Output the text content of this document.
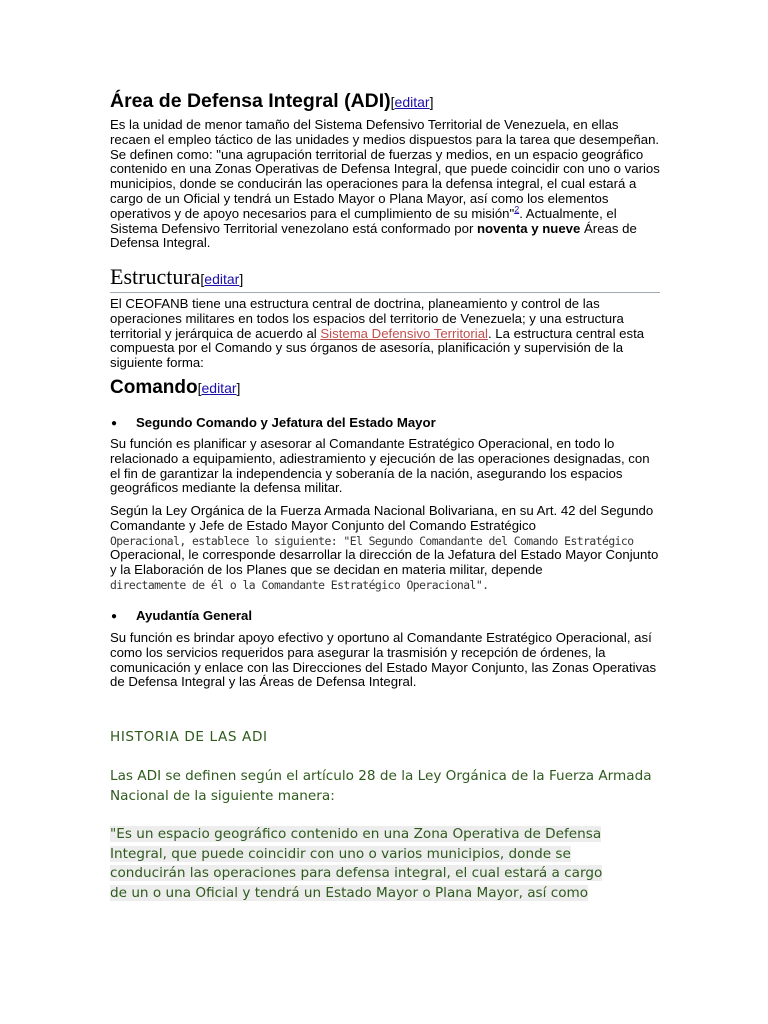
Área de Defensa Integral (ADI)[editar]

Es la unidad de menor tamaño del Sistema Defensivo Territorial de Venezuela, en ellas recaen el empleo táctico de las unidades y medios dispuestos para la tarea que desempeñan. Se definen como: "una agrupación territorial de fuerzas y medios, en un espacio geográfico contenido en una Zonas Operativas de Defensa Integral, que puede coincidir con uno o varios municipios, donde se conducirán las operaciones para la defensa integral, el cual estará a cargo de un Oficial y tendrá un Estado Mayor o Plana Mayor, así como los elementos operativos y de apoyo necesarios para el cumplimiento de su misión"$^2$. Actualmente, el Sistema Defensivo Territorial venezolano está conformado por noventa y nueve Áreas de Defensa Integral.

Estructura[editar]

El CEOFANB tiene una estructura central de doctrina, planeamiento y control de las operaciones militares en todos los espacios del territorio de Venezuela; y una estructura territorial y jerárquica de acuerdo al Sistema Defensivo Territorial. La estructura central esta compuesta por el Comando y sus órganos de asesoría, planificación y supervisión de la siguiente forma:

Comando[editar]

● Segundo Comando y Jefatura del Estado Mayor

Su función es planificar y asesorar al Comandante Estratégico Operacional, en todo lo relacionado a equipamiento, adiestramiento y ejecución de las operaciones designadas, con el fin de garantizar la independencia y soberanía de la nación, asegurando los espacios geográficos mediante la defensa militar.

Según la Ley Orgánica de la Fuerza Armada Nacional Bolivariana, en su Art. 42 del Segundo Comandante y Jefe de Estado Mayor Conjunto del Comando Estratégico
Operacional, establece lo siguiente: "El Segundo Comandante del Comando Estratégico
Operacional, le corresponde desarrollar la dirección de la Jefatura del Estado Mayor Conjunto y la Elaboración de los Planes que se decidan en materia militar, depende
directamente de él o la Comandante Estratégico Operacional".

● Ayudantía General

Su función es brindar apoyo efectivo y oportuno al Comandante Estratégico Operacional, así como los servicios requeridos para asegurar la trasmisión y recepción de órdenes, la comunicación y enlace con las Direcciones del Estado Mayor Conjunto, las Zonas Operativas de Defensa Integral y las Áreas de Defensa Integral.

HISTORIA DE LAS ADI

Las ADI se definen según el artículo 28 de la Ley Orgánica de la Fuerza Armada Nacional de la siguiente manera:

"Es un espacio geográfico contenido en una Zona Operativa de Defensa
Integral, que puede coincidir con uno o varios municipios, donde se
conducirán las operaciones para defensa integral, el cual estará a cargo
de un o una Oficial y tendrá un Estado Mayor o Plana Mayor, así como
